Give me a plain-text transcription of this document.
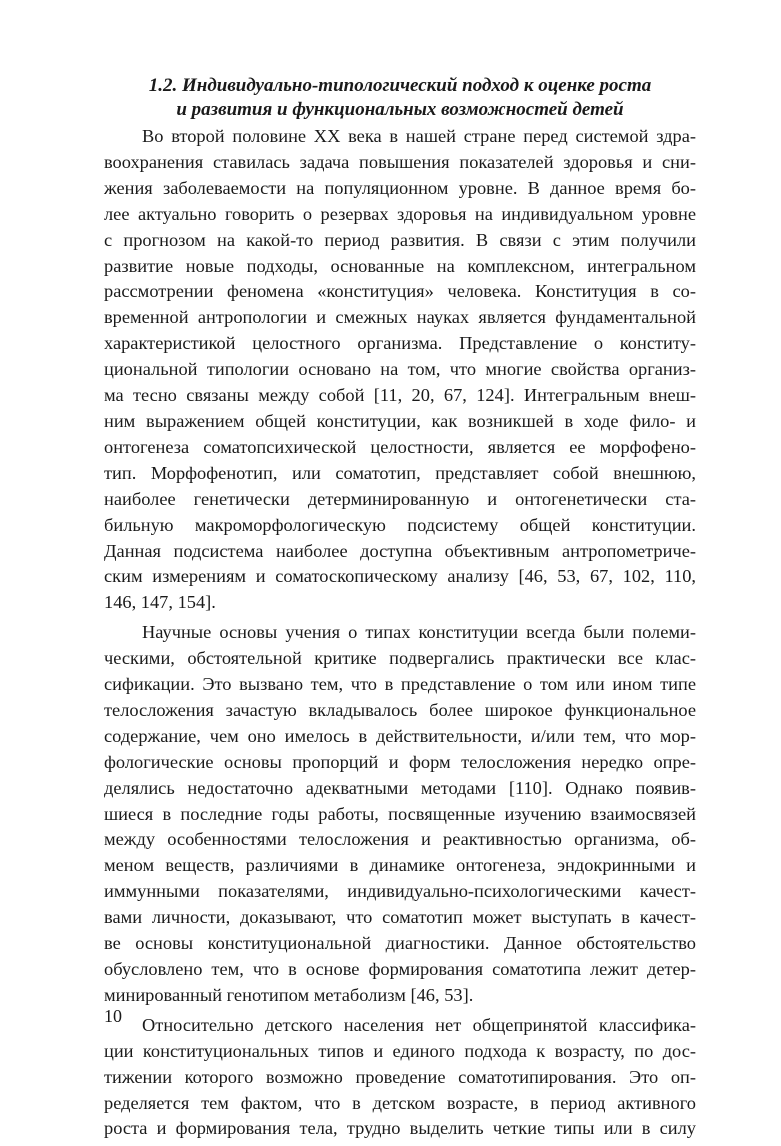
1.2. Индивидуально-типологический подход к оценке роста
и развития и функциональных возможностей детей
Во второй половине XX века в нашей стране перед системой здра-
воохранения ставилась задача повышения показателей здоровья и сни-
жения заболеваемости на популяционном уровне. В данное время бо-
лее актуально говорить о резервах здоровья на индивидуальном уровне
с прогнозом на какой-то период развития. В связи с этим получили
развитие новые подходы, основанные на комплексном, интегральном
рассмотрении феномена «конституция» человека. Конституция в со-
временной антропологии и смежных науках является фундаментальной
характеристикой целостного организма. Представление о конститу-
циональной типологии основано на том, что многие свойства организ-
ма тесно связаны между собой [11, 20, 67, 124]. Интегральным внеш-
ним выражением общей конституции, как возникшей в ходе фило- и
онтогенеза соматопсихической целостности, является ее морфофено-
тип. Морфофенотип, или соматотип, представляет собой внешнюю,
наиболее генетически детерминированную и онтогенетически ста-
бильную макроморфологическую подсистему общей конституции.
Данная подсистема наиболее доступна объективным антропометриче-
ским измерениям и соматоскопическому анализу [46, 53, 67, 102, 110,
146, 147, 154].
Научные основы учения о типах конституции всегда были полеми-
ческими, обстоятельной критике подвергались практически все клас-
сификации. Это вызвано тем, что в представление о том или ином типе
телосложения зачастую вкладывалось более широкое функциональное
содержание, чем оно имелось в действительности, и/или тем, что мор-
фологические основы пропорций и форм телосложения нередко опре-
делялись недостаточно адекватными методами [110]. Однако появив-
шиеся в последние годы работы, посвященные изучению взаимосвязей
между особенностями телосложения и реактивностью организма, об-
меном веществ, различиями в динамике онтогенеза, эндокринными и
иммунными показателями, индивидуально-психологическими качест-
вами личности, доказывают, что соматотип может выступать в качест-
ве основы конституциональной диагностики. Данное обстоятельство
обусловлено тем, что в основе формирования соматотипа лежит детер-
минированный генотипом метаболизм [46, 53].
Относительно детского населения нет общепринятой классифика-
ции конституциональных типов и единого подхода к возрасту, по дос-
тижении которого возможно проведение соматотипирования. Это оп-
ределяется тем фактом, что в детском возрасте, в период активного
роста и формирования тела, трудно выделить четкие типы или в силу
10
